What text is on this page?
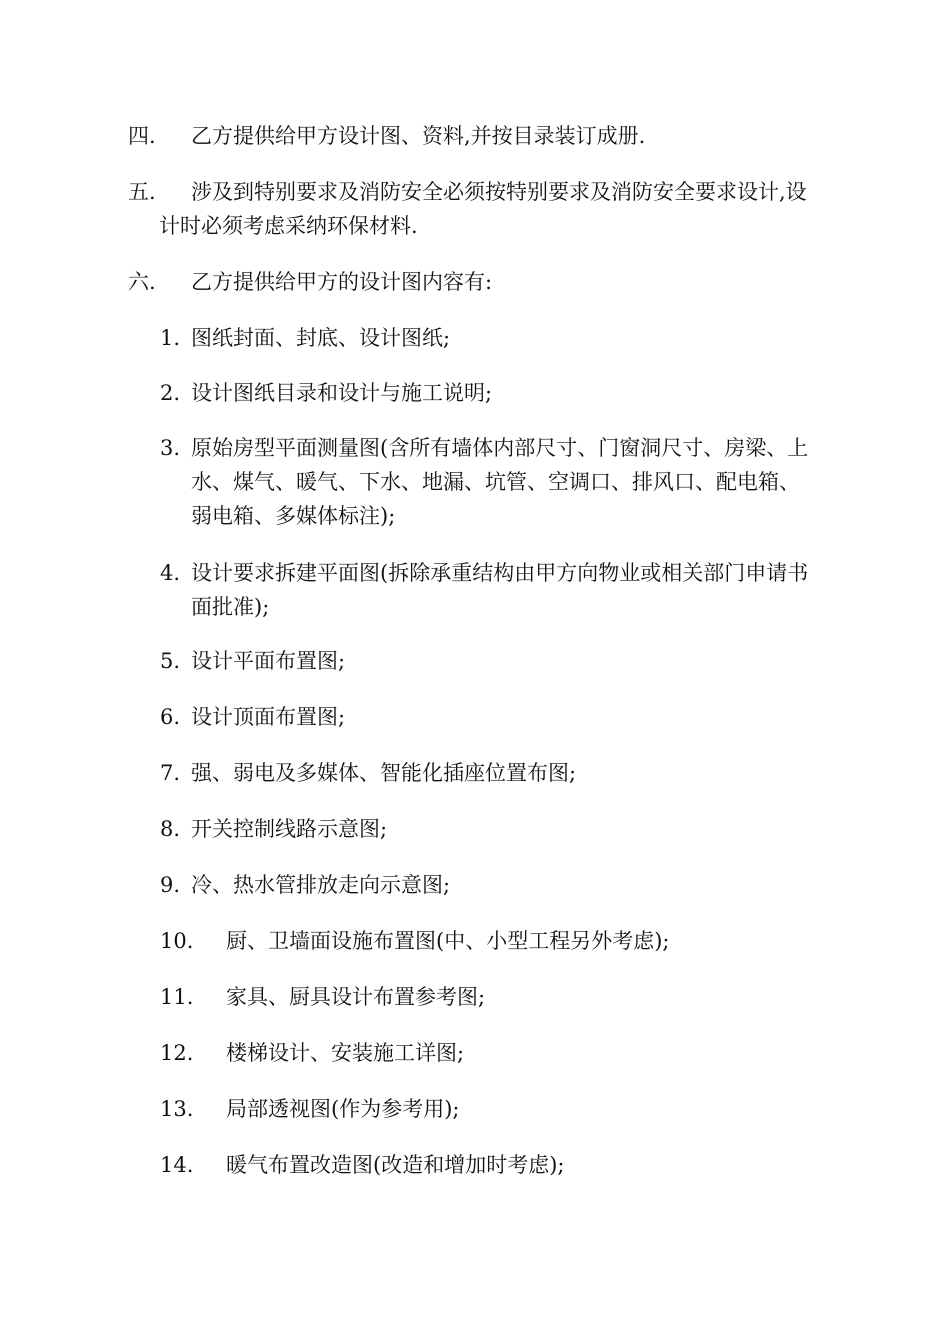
四.	乙方提供给甲方设计图、资料,并按目录装订成册.
五.	涉及到特别要求及消防安全必须按特别要求及消防安全要求设计,设
计时必须考虑采纳环保材料.
六.	乙方提供给甲方的设计图内容有:
1. 图纸封面、封底、设计图纸;
2. 设计图纸目录和设计与施工说明;
3. 原始房型平面测量图(含所有墙体内部尺寸、门窗洞尺寸、房梁、上
水、煤气、暖气、下水、地漏、坑管、空调口、排风口、配电箱、
弱电箱、多媒体标注);
4. 设计要求拆建平面图(拆除承重结构由甲方向物业或相关部门申请书
面批准);
5. 设计平面布置图;
6. 设计顶面布置图;
7. 强、弱电及多媒体、智能化插座位置布图;
8. 开关控制线路示意图;
9. 冷、热水管排放走向示意图;
10.	厨、卫墙面设施布置图(中、小型工程另外考虑);
11.	家具、厨具设计布置参考图;
12.	楼梯设计、安装施工详图;
13.	局部透视图(作为参考用);
14.	暖气布置改造图(改造和增加时考虑);
